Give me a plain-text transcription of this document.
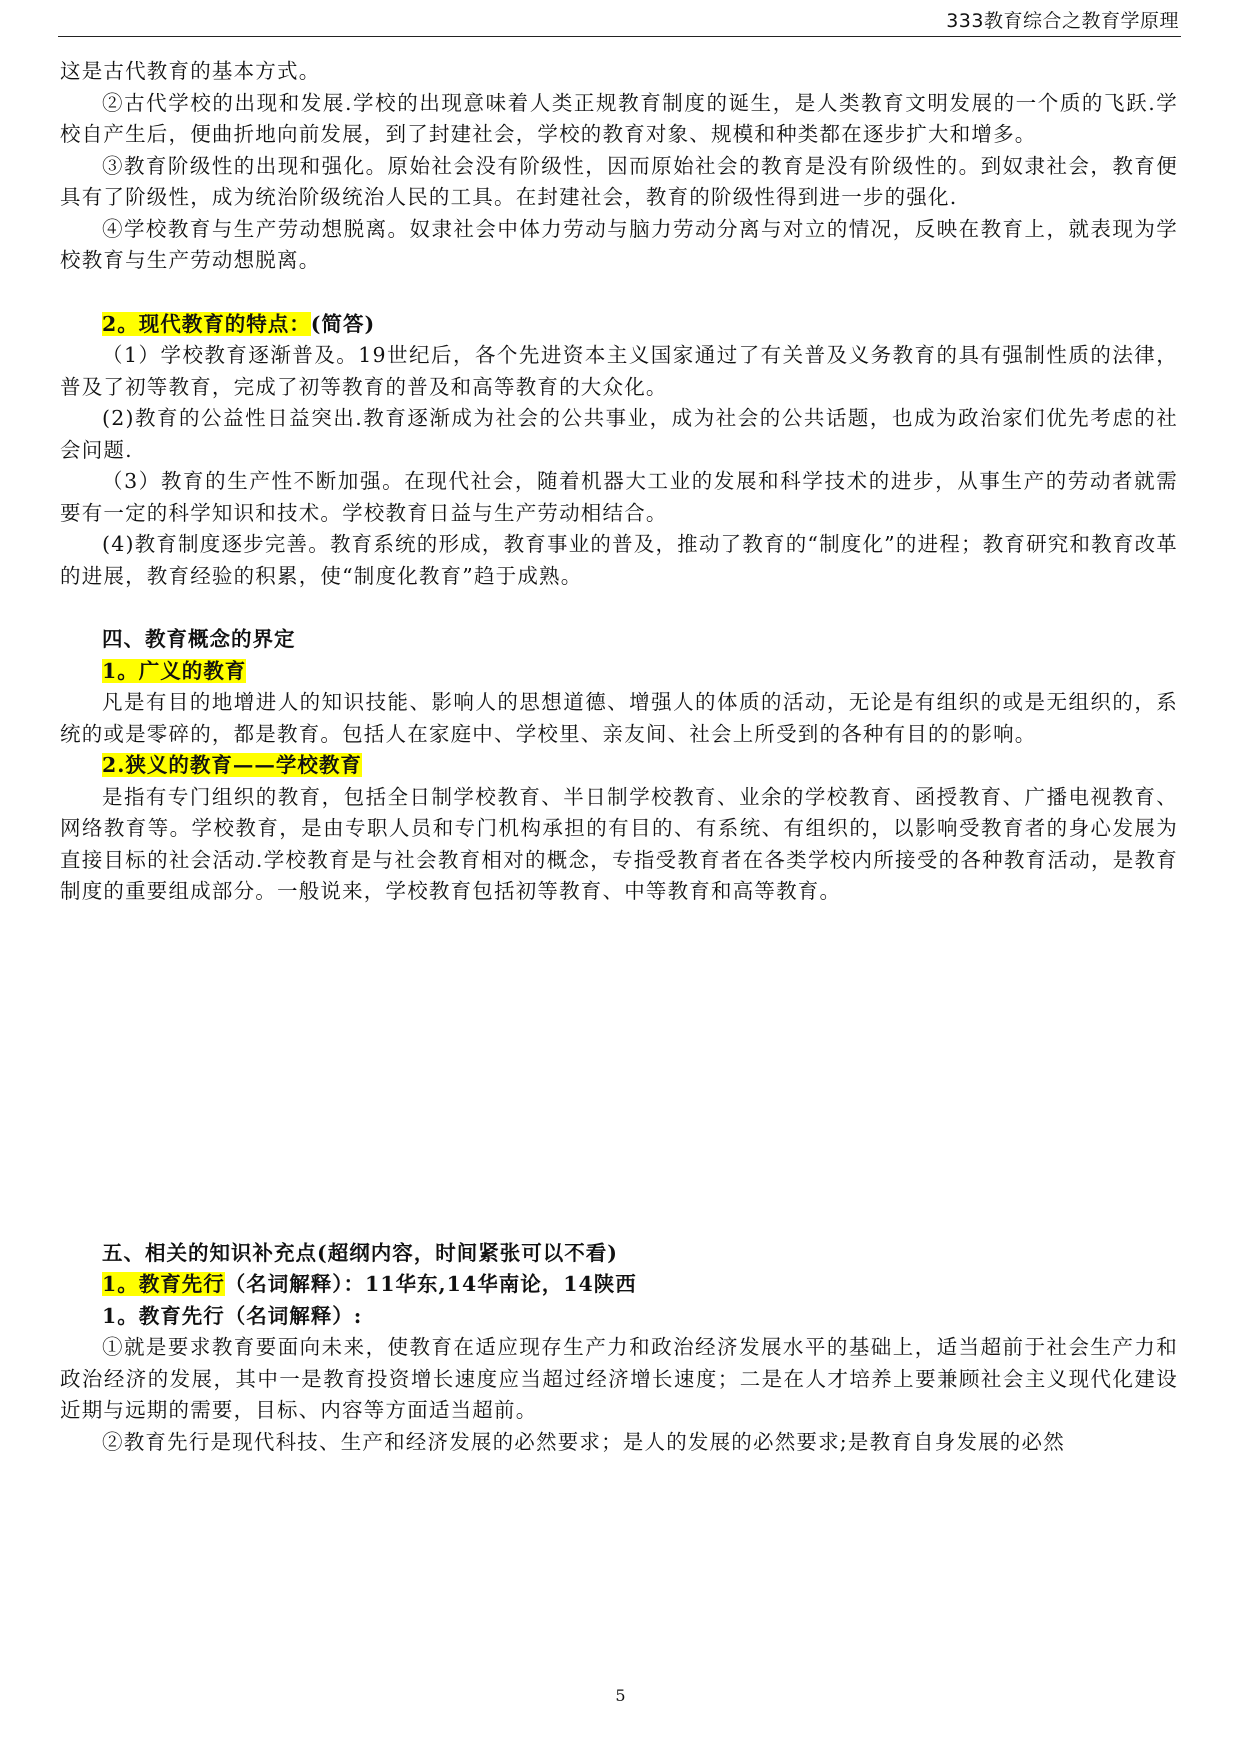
333教育综合之教育学原理

这是古代教育的基本方式。

②古代学校的出现和发展.学校的出现意味着人类正规教育制度的诞生，是人类教育文明发展的一个质的飞跃.学校自产生后，便曲折地向前发展，到了封建社会，学校的教育对象、规模和种类都在逐步扩大和增多。

③教育阶级性的出现和强化。原始社会没有阶级性，因而原始社会的教育是没有阶级性的。到奴隶社会，教育便具有了阶级性，成为统治阶级统治人民的工具。在封建社会，教育的阶级性得到进一步的强化.

④学校教育与生产劳动想脱离。奴隶社会中体力劳动与脑力劳动分离与对立的情况，反映在教育上，就表现为学校教育与生产劳动想脱离。

2。现代教育的特点：(简答)

（1）学校教育逐渐普及。19世纪后，各个先进资本主义国家通过了有关普及义务教育的具有强制性质的法律，普及了初等教育，完成了初等教育的普及和高等教育的大众化。

(2)教育的公益性日益突出.教育逐渐成为社会的公共事业，成为社会的公共话题，也成为政治家们优先考虑的社会问题.

（3）教育的生产性不断加强。在现代社会，随着机器大工业的发展和科学技术的进步，从事生产的劳动者就需要有一定的科学知识和技术。学校教育日益与生产劳动相结合。

(4)教育制度逐步完善。教育系统的形成，教育事业的普及，推动了教育的“制度化”的进程；教育研究和教育改革的进展，教育经验的积累，使“制度化教育”趋于成熟。

四、教育概念的界定
1。广义的教育

凡是有目的地增进人的知识技能、影响人的思想道德、增强人的体质的活动，无论是有组织的或是无组织的，系统的或是零碎的，都是教育。包括人在家庭中、学校里、亲友间、社会上所受到的各种有目的的影响。

2.狭义的教育——学校教育

是指有专门组织的教育，包括全日制学校教育、半日制学校教育、业余的学校教育、函授教育、广播电视教育、网络教育等。学校教育，是由专职人员和专门机构承担的有目的、有系统、有组织的，以影响受教育者的身心发展为直接目标的社会活动.学校教育是与社会教育相对的概念，专指受教育者在各类学校内所接受的各种教育活动，是教育制度的重要组成部分。一般说来，学校教育包括初等教育、中等教育和高等教育。

五、相关的知识补充点(超纲内容，时间紧张可以不看)
1。教育先行（名词解释）：11华东,14华南论，14陕西
1。教育先行（名词解释）:

①就是要求教育要面向未来，使教育在适应现存生产力和政治经济发展水平的基础上，适当超前于社会生产力和政治经济的发展，其中一是教育投资增长速度应当超过经济增长速度；二是在人才培养上要兼顾社会主义现代化建设近期与远期的需要，目标、内容等方面适当超前。

②教育先行是现代科技、生产和经济发展的必然要求；是人的发展的必然要求;是教育自身发展的必然

5
